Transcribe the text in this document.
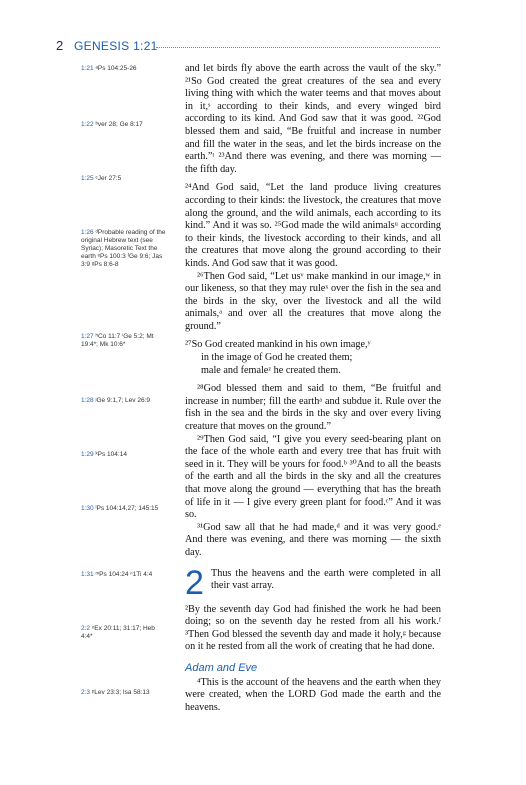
2 GENESIS 1:21
1:21 ᵃPs 104:25-26
1:22 ᵇver 28; Ge 8:17
1:25 ᶜJer 27:5
1:26 ᵈProbable reading of the original Hebrew text (see Syriac); Masoretic Text the earth ᵉPs 100:3 ᶠGe 9:6; Jas 3:9 ᵍPs 8:6-8
1:27 ʰCo 11:7 ⁱGe 5:2; Mt 19:4*; Mk 10:6*
1:28 ʲGe 9:1,7; Lev 26:9
1:29 ᵏPs 104:14
1:30 ˡPs 104:14,27; 145:15
1:31 ᵐPs 104:24 ⁿ1Ti 4:4
2:2 ᵒEx 20:11; 31:17; Heb 4:4*
2:3 ᵖLev 23:3; Isa 58:13

and let birds fly above the earth across the vault of the sky.” ²¹So God created the great creatures of the sea and every living thing with which the water teems and that moves about in it,ˢ according to their kinds, and every winged bird according to its kind. And God saw that it was good. ²²God blessed them and said, “Be fruitful and increase in number and fill the water in the seas, and let the birds increase on the earth.”ᵗ ²³And there was evening, and there was morning — the fifth day.

²⁴And God said, “Let the land produce living creatures according to their kinds: the livestock, the creatures that move along the ground, and the wild animals, each according to its kind.” And it was so. ²⁵God made the wild animalsᵘ according to their kinds, the livestock according to their kinds, and all the creatures that move along the ground according to their kinds. And God saw that it was good.

²⁶Then God said, “Let usᵛ make mankind in our image,ʷ in our likeness, so that they may ruleˣ over the fish in the sea and the birds in the sky, over the livestock and all the wild animals,ᵃ and over all the creatures that move along the ground.”

²⁷So God created mankind in his own image,ʸ

in the image of God he created them;

male and femaleᶻ he created them.

²⁸God blessed them and said to them, “Be fruitful and increase in number; fill the earthᵃ and subdue it. Rule over the fish in the sea and the birds in the sky and over every living creature that moves on the ground.”

²⁹Then God said, “I give you every seed-bearing plant on the face of the whole earth and every tree that has fruit with seed in it. They will be yours for food.ᵇ ³⁰And to all the beasts of the earth and all the birds in the sky and all the creatures that move along the ground — everything that has the breath of life in it — I give every green plant for food.ᶜ” And it was so.

³¹God saw all that he had made,ᵈ and it was very good.ᵉ And there was evening, and there was morning — the sixth day.

2 Thus the heavens and the earth were completed in all their vast array.

²By the seventh day God had finished the work he had been doing; so on the seventh day he rested from all his work.ᶠ ³Then God blessed the seventh day and made it holy,ᵍ because on it he rested from all the work of creating that he had done.

Adam and Eve

⁴This is the account of the heavens and the earth when they were created, when the LORD God made the earth and the heavens.
